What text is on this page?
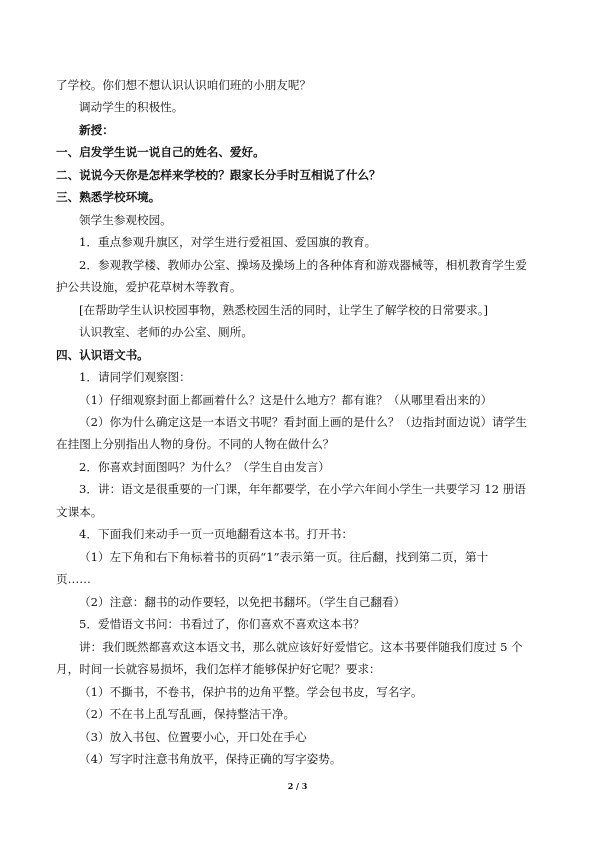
了学校。你们想不想认识认识咱们班的小朋友呢？
调动学生的积极性。
新授：
一、启发学生说一说自己的姓名、爱好。
二、说说今天你是怎样来学校的？跟家长分手时互相说了什么？
三、熟悉学校环境。
领学生参观校园。
1．重点参观升旗区，对学生进行爱祖国、爱国旗的教育。
2．参观教学楼、教师办公室、操场及操场上的各种体育和游戏器械等，相机教育学生爱
护公共设施，爱护花草树木等教育。
[在帮助学生认识校园事物，熟悉校园生活的同时，让学生了解学校的日常要求。]
认识教室、老师的办公室、厕所。
四、认识语文书。
1．请同学们观察图：
（1）仔细观察封面上都画着什么？这是什么地方？都有谁？（从哪里看出来的）
（2）你为什么确定这是一本语文书呢？看封面上画的是什么？（边指封面边说）请学生
在挂图上分别指出人物的身份。不同的人物在做什么？
2．你喜欢封面图吗？为什么？（学生自由发言）
3．讲：语文是很重要的一门课，年年都要学，在小学六年间小学生一共要学习 12 册语
文课本。
4．下面我们来动手一页一页地翻看这本书。打开书：
（1）左下角和右下角标着书的页码“1”表示第一页。往后翻，找到第二页，第十
页……
（2）注意：翻书的动作要轻，以免把书翻坏。（学生自己翻看）
5．爱惜语文书问：书看过了，你们喜欢不喜欢这本书？
讲：我们既然都喜欢这本语文书，那么就应该好好爱惜它。这本书要伴随我们度过 5 个
月，时间一长就容易损坏，我们怎样才能够保护好它呢？要求：
（1）不撕书，不卷书，保护书的边角平整。学会包书皮，写名字。
（2）不在书上乱写乱画，保持整洁干净。
（3）放入书包、位置要小心，开口处在手心
（4）写字时注意书角放平，保持正确的写字姿势。
2 / 3
